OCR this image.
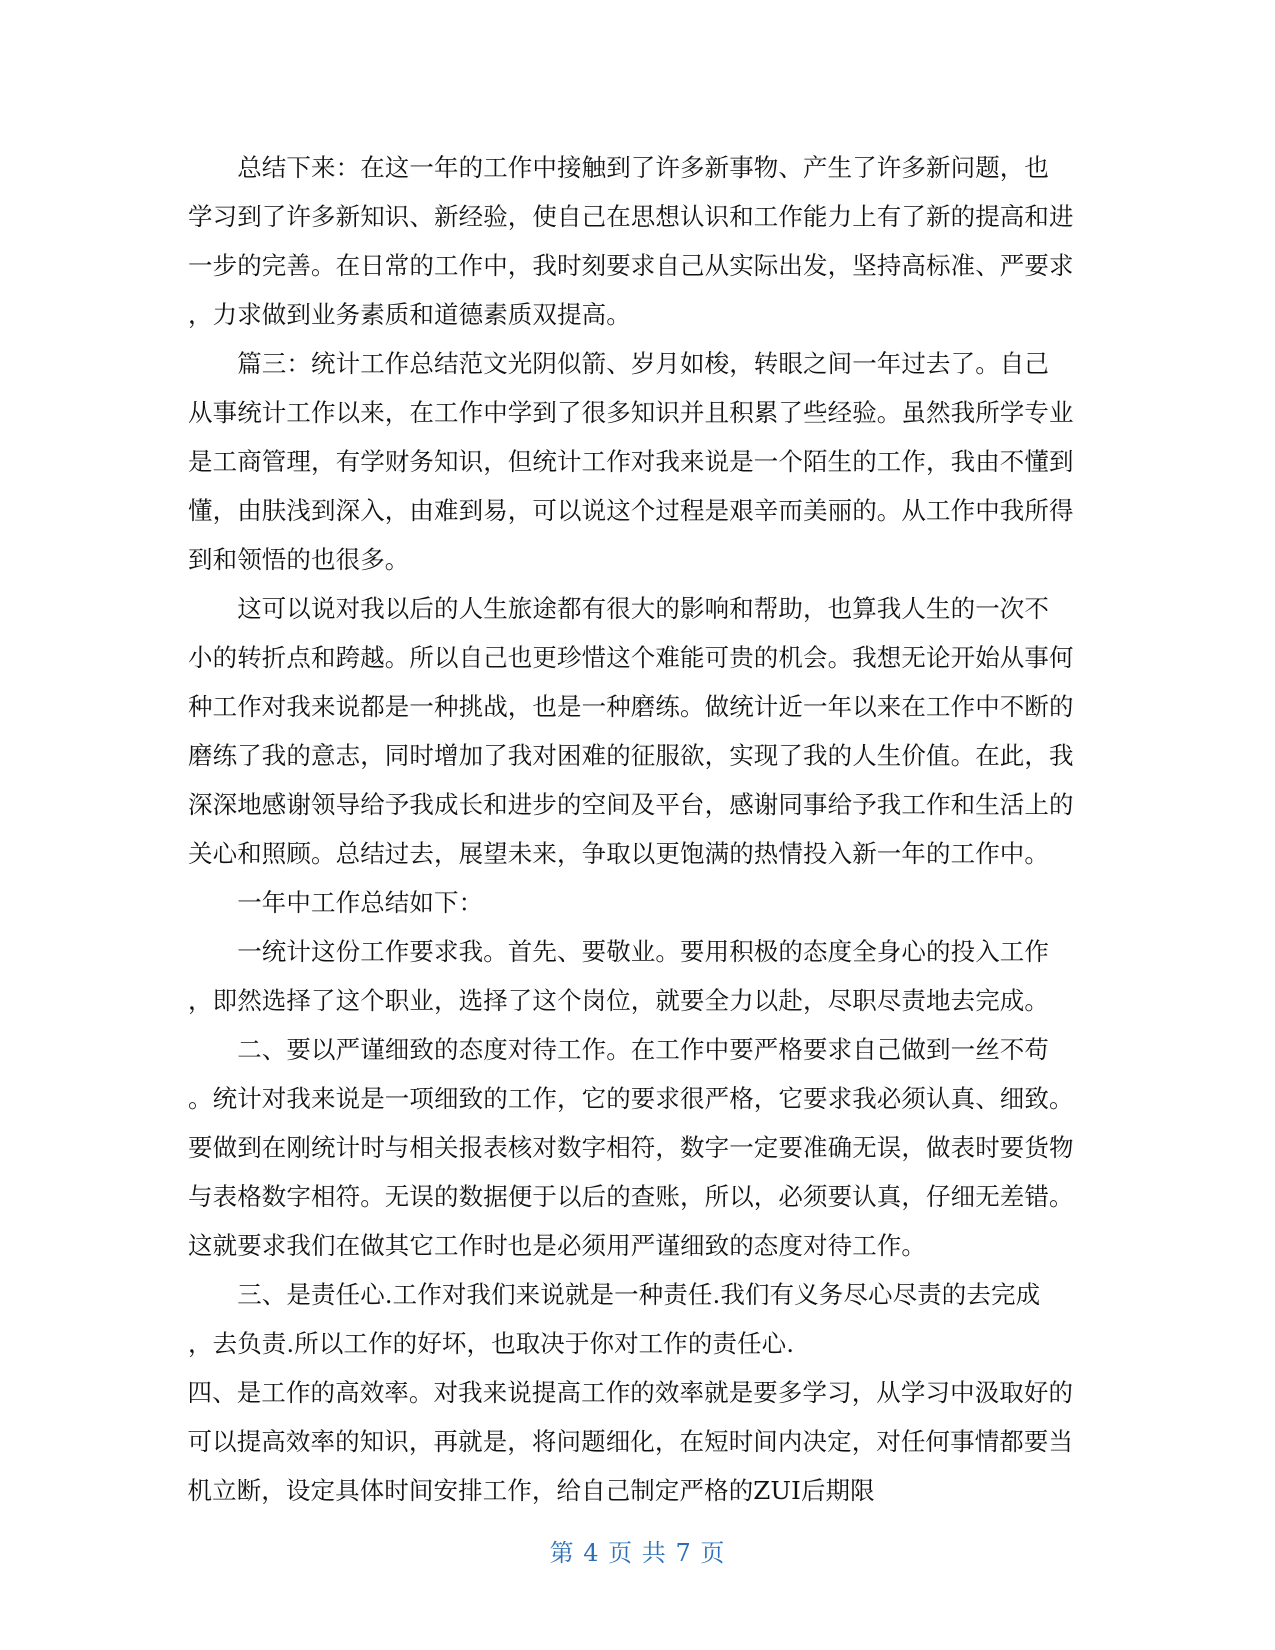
　　总结下来：在这一年的工作中接触到了许多新事物、产生了许多新问题，也
学习到了许多新知识、新经验，使自己在思想认识和工作能力上有了新的提高和进
一步的完善。在日常的工作中，我时刻要求自己从实际出发，坚持高标准、严要求
，力求做到业务素质和道德素质双提高。
　　篇三：统计工作总结范文光阴似箭、岁月如梭，转眼之间一年过去了。自己
从事统计工作以来，在工作中学到了很多知识并且积累了些经验。虽然我所学专业
是工商管理，有学财务知识，但统计工作对我来说是一个陌生的工作，我由不懂到
懂，由肤浅到深入，由难到易，可以说这个过程是艰辛而美丽的。从工作中我所得
到和领悟的也很多。
　　这可以说对我以后的人生旅途都有很大的影响和帮助，也算我人生的一次不
小的转折点和跨越。所以自己也更珍惜这个难能可贵的机会。我想无论开始从事何
种工作对我来说都是一种挑战，也是一种磨练。做统计近一年以来在工作中不断的
磨练了我的意志，同时增加了我对困难的征服欲，实现了我的人生价值。在此，我
深深地感谢领导给予我成长和进步的空间及平台，感谢同事给予我工作和生活上的
关心和照顾。总结过去，展望未来，争取以更饱满的热情投入新一年的工作中。
　　一年中工作总结如下：
　　一统计这份工作要求我。首先、要敬业。要用积极的态度全身心的投入工作
，即然选择了这个职业，选择了这个岗位，就要全力以赴，尽职尽责地去完成。
　　二、要以严谨细致的态度对待工作。在工作中要严格要求自己做到一丝不苟
。统计对我来说是一项细致的工作，它的要求很严格，它要求我必须认真、细致。
要做到在刚统计时与相关报表核对数字相符，数字一定要准确无误，做表时要货物
与表格数字相符。无误的数据便于以后的查账，所以，必须要认真，仔细无差错。
这就要求我们在做其它工作时也是必须用严谨细致的态度对待工作。
　　三、是责任心.工作对我们来说就是一种责任.我们有义务尽心尽责的去完成
，去负责.所以工作的好坏，也取决于你对工作的责任心.
四、是工作的高效率。对我来说提高工作的效率就是要多学习，从学习中汲取好的
可以提高效率的知识，再就是，将问题细化，在短时间内决定，对任何事情都要当
机立断，设定具体时间安排工作，给自己制定严格的ZUI后期限
第 4 页 共 7 页
